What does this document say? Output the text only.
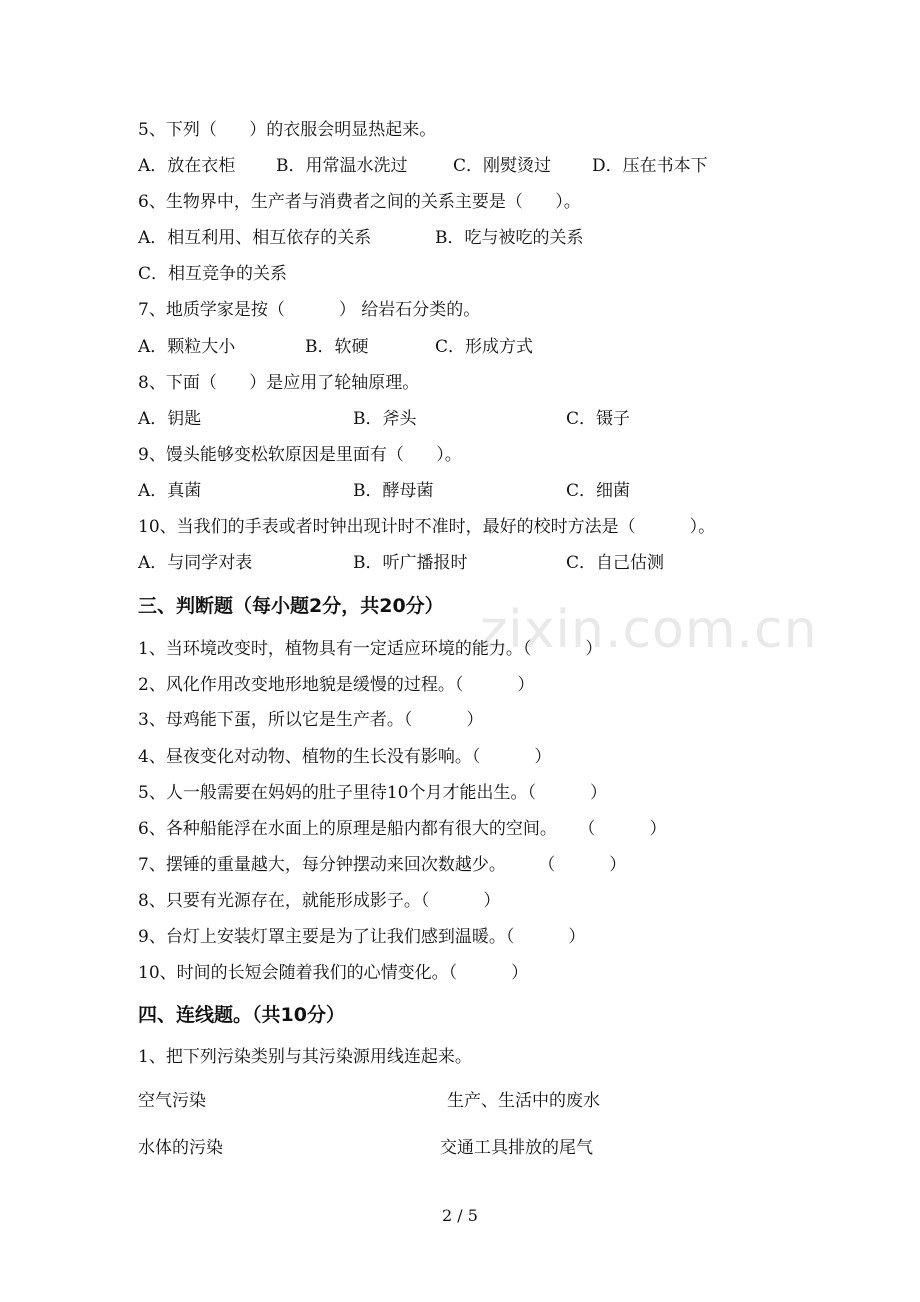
zixin.com.cn
5、下列（      ）的衣服会明显热起来。
A．放在衣柜 B．用常温水洗过	C．刚熨烫过 D．压在书本下
6、生物界中，生产者与消费者之间的关系主要是（      ）。
A．相互利用、相互依存的关系	B．吃与被吃的关系
C．相互竞争的关系
7、地质学家是按（          ） 给岩石分类的。
A．颗粒大小	B．软硬	C．形成方式
8、下面（      ）是应用了轮轴原理。
A．钥匙	B．斧头	C．镊子
9、馒头能够变松软原因是里面有（      ）。
A．真菌	B．酵母菌	C．细菌
10、当我们的手表或者时钟出现计时不准时，最好的校时方法是（          ）。
A．与同学对表	B．听广播报时	C．自己估测
三、判断题（每小题2分，共20分）
1、当环境改变时，植物具有一定适应环境的能力。（          ）
2、风化作用改变地形地貌是缓慢的过程。（          ）
3、母鸡能下蛋，所以它是生产者。（          ）
4、昼夜变化对动物、植物的生长没有影响。（          ）
5、人一般需要在妈妈的肚子里待10个月才能出生。（          ）
6、各种船能浮在水面上的原理是船内都有很大的空间。    （          ）
7、摆锤的重量越大，每分钟摆动来回次数越少。      （          ）
8、只要有光源存在，就能形成影子。（          ）
9、台灯上安装灯罩主要是为了让我们感到温暖。（          ）
10、时间的长短会随着我们的心情变化。（          ）
四、连线题。（共10分）
1、把下列污染类别与其污染源用线连起来。
空气污染	生产、生活中的废水
水体的污染	交通工具排放的尾气
2 / 5
